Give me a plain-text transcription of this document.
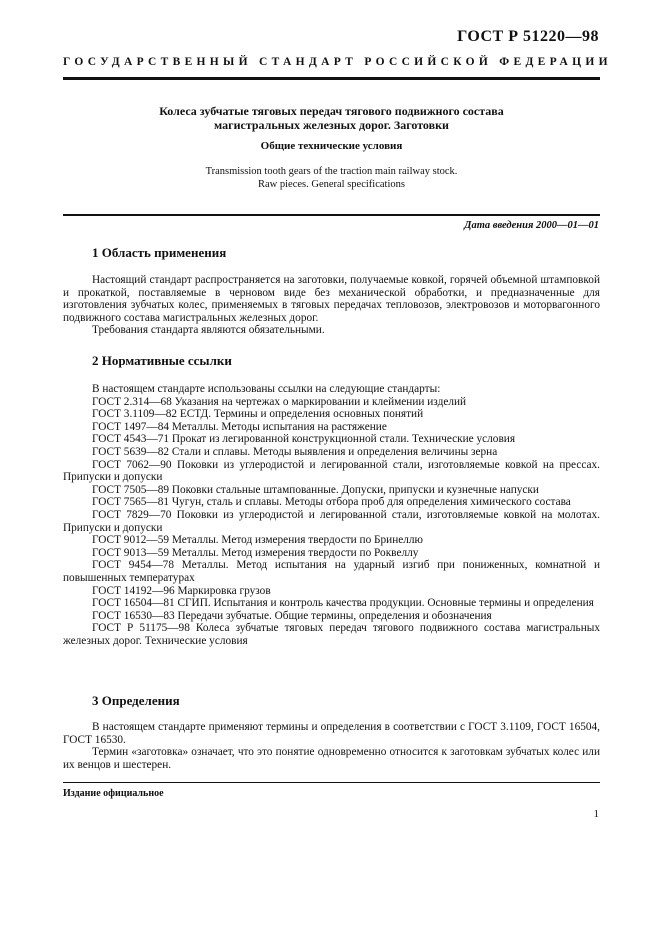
ГОСТ Р 51220—98
ГОСУДАРСТВЕННЫЙ СТАНДАРТ РОССИЙСКОЙ ФЕДЕРАЦИИ
Колеса зубчатые тяговых передач тягового подвижного состава
магистральных железных дорог. Заготовки
Общие технические условия
Transmission tooth gears of the traction main railway stock.
Raw pieces. General specifications
Дата введения 2000—01—01
1 Область применения

Настоящий стандарт распространяется на заготовки, получаемые ковкой, горячей объемной штамповкой и прокаткой, поставляемые в черновом виде без механической обработки, и предназначенные для изготовления зубчатых колес, применяемых в тяговых передачах тепловозов, электровозов и моторвагонного подвижного состава магистральных железных дорог.

Требования стандарта являются обязательными.

2 Нормативные ссылки

В настоящем стандарте использованы ссылки на следующие стандарты:

ГОСТ 2.314—68 Указания на чертежах о маркировании и клеймении изделий

ГОСТ 3.1109—82 ЕСТД. Термины и определения основных понятий

ГОСТ 1497—84 Металлы. Методы испытания на растяжение

ГОСТ 4543—71 Прокат из легированной конструкционной стали. Технические условия

ГОСТ 5639—82 Стали и сплавы. Методы выявления и определения величины зерна

ГОСТ 7062—90 Поковки из углеродистой и легированной стали, изготовляемые ковкой на прессах. Припуски и допуски

ГОСТ 7505—89 Поковки стальные штампованные. Допуски, припуски и кузнечные напуски

ГОСТ 7565—81 Чугун, сталь и сплавы. Методы отбора проб для определения химического состава

ГОСТ 7829—70 Поковки из углеродистой и легированной стали, изготовляемые ковкой на молотах. Припуски и допуски

ГОСТ 9012—59 Металлы. Метод измерения твердости по Бринеллю

ГОСТ 9013—59 Металлы. Метод измерения твердости по Роквеллу

ГОСТ 9454—78 Металлы. Метод испытания на ударный изгиб при пониженных, комнатной и повышенных температурах

ГОСТ 14192—96 Маркировка грузов

ГОСТ 16504—81 СГИП. Испытания и контроль качества продукции. Основные термины и определения

ГОСТ 16530—83 Передачи зубчатые. Общие термины, определения и обозначения

ГОСТ Р 51175—98 Колеса зубчатые тяговых передач тягового подвижного состава магистральных железных дорог. Технические условия

3 Определения

В настоящем стандарте применяют термины и определения в соответствии с ГОСТ 3.1109, ГОСТ 16504, ГОСТ 16530.

Термин «заготовка» означает, что это понятие одновременно относится к заготовкам зубчатых колес или их венцов и шестерен.

Издание официальное
1
